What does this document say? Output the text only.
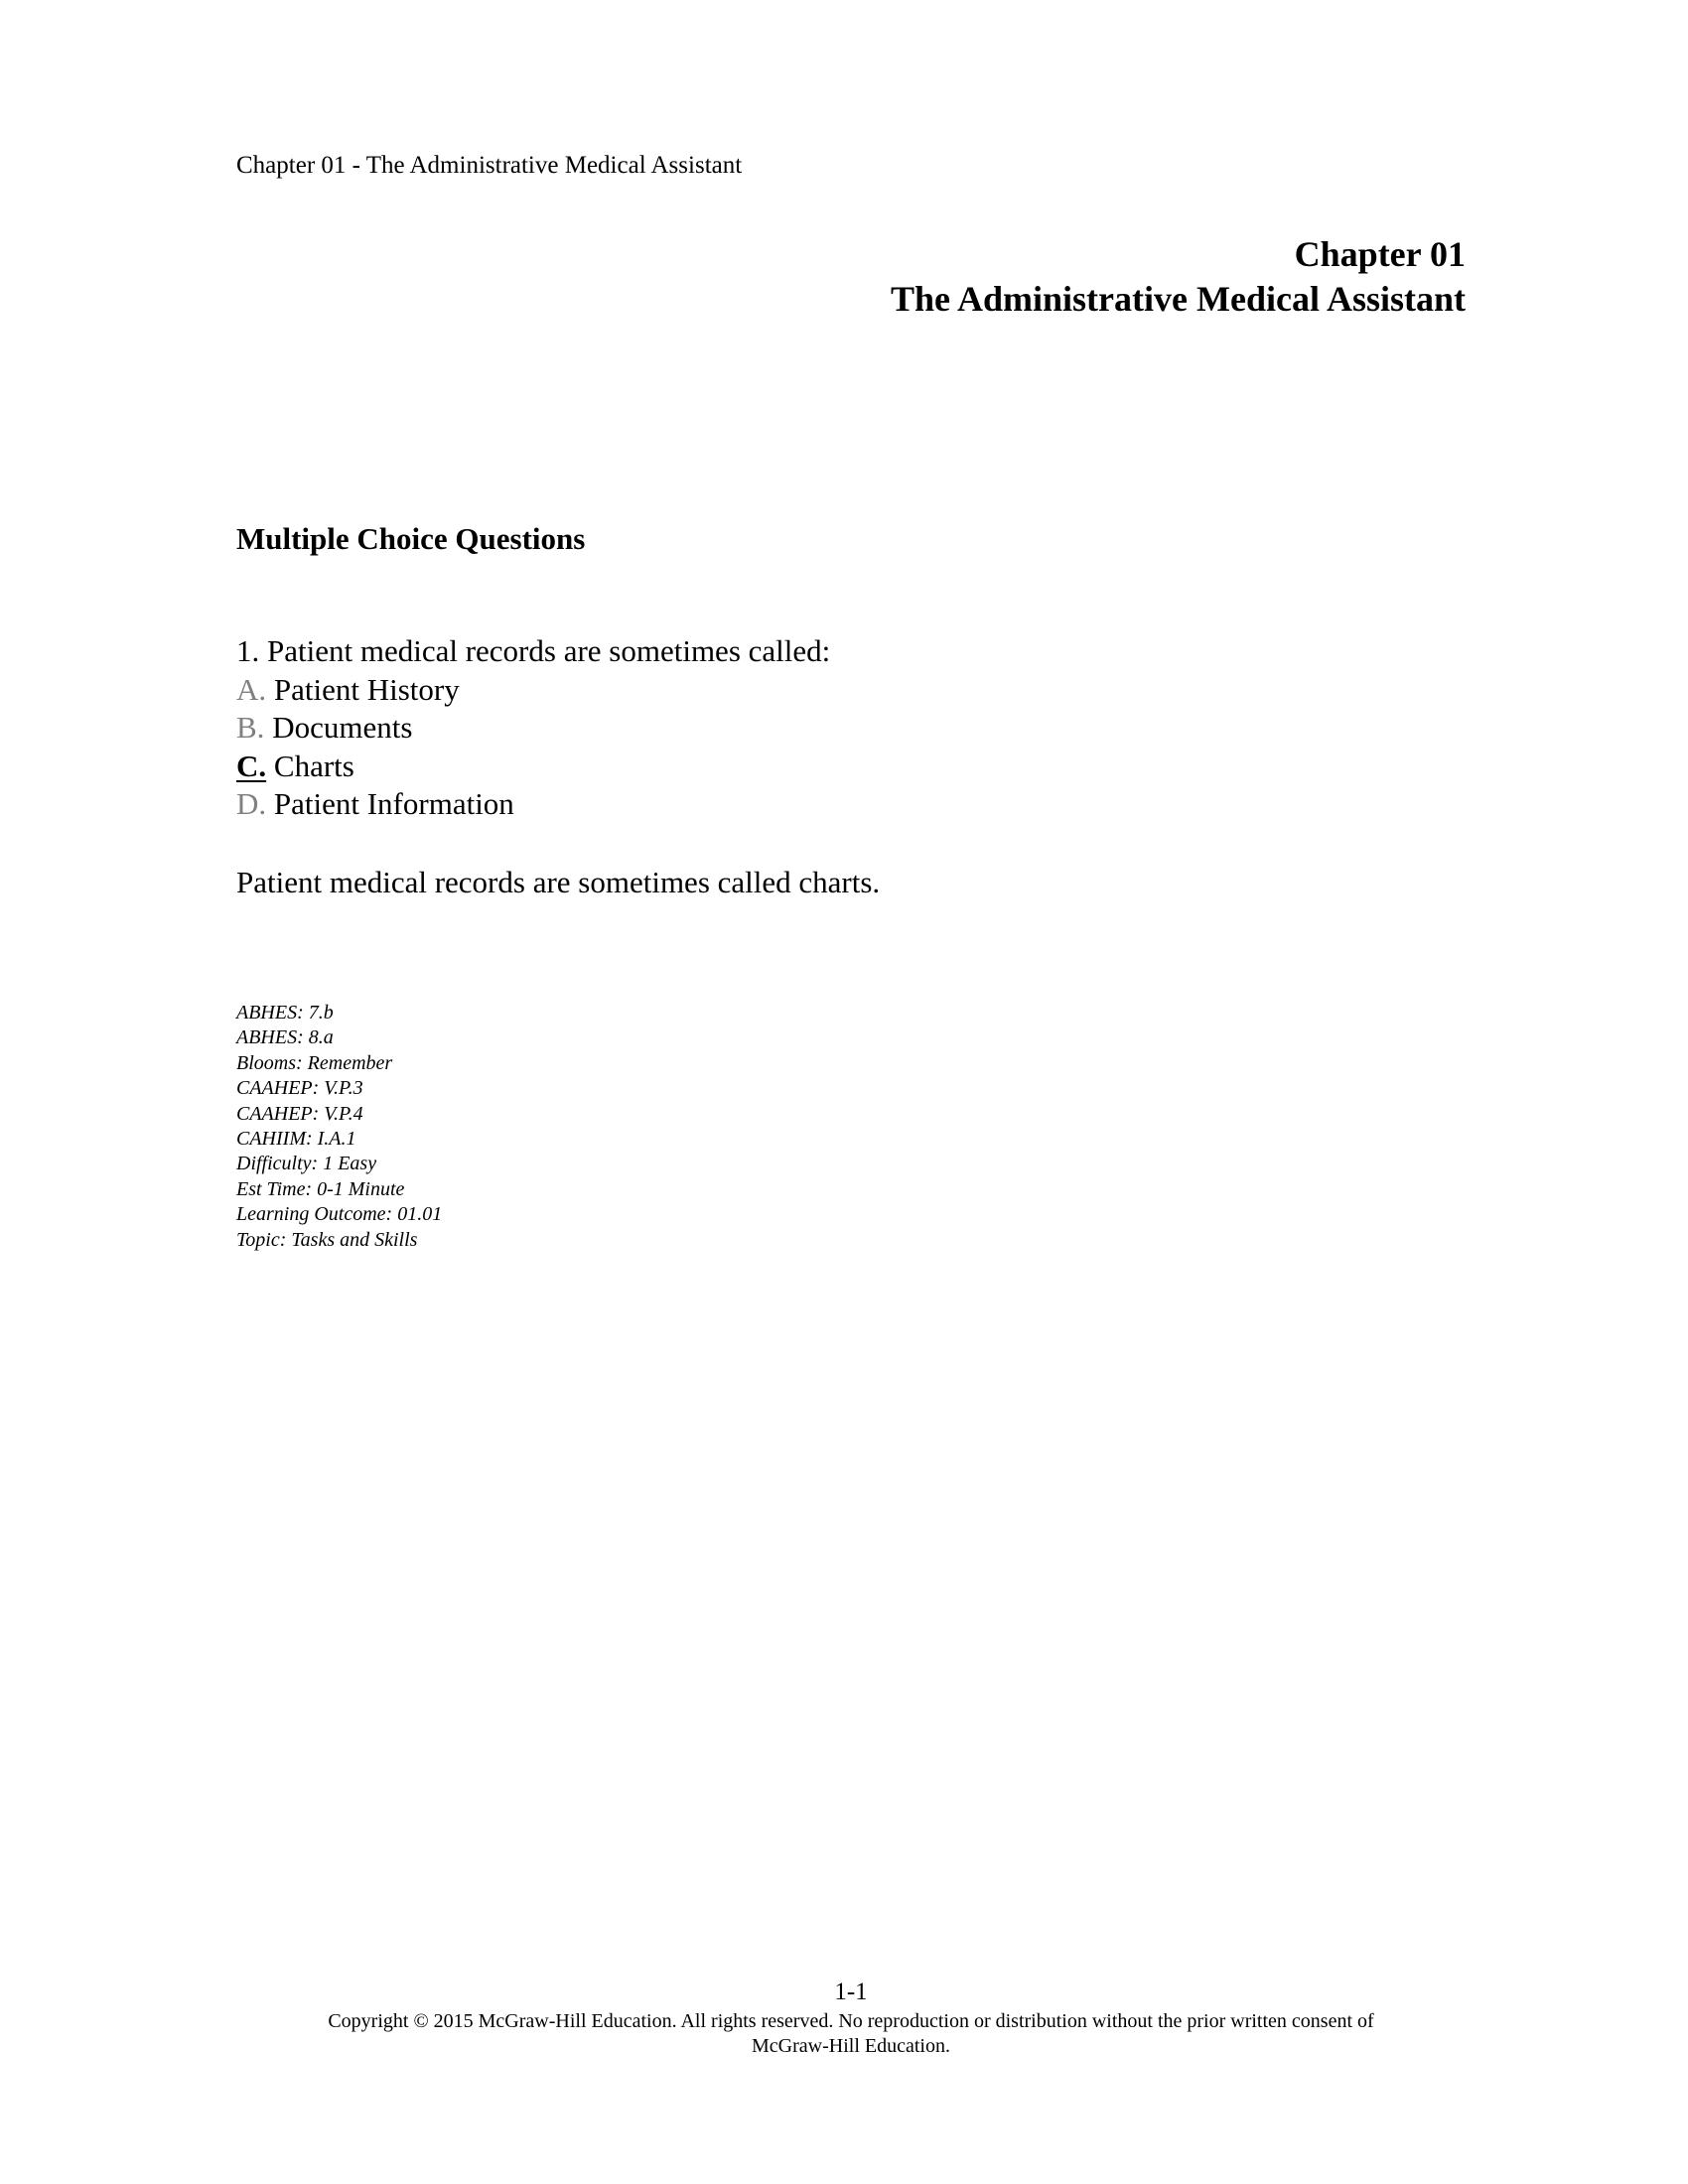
Chapter 01 - The Administrative Medical Assistant
Chapter 01
The Administrative Medical Assistant
Multiple Choice Questions
1. Patient medical records are sometimes called:
A. Patient History
B. Documents
C. Charts
D. Patient Information
Patient medical records are sometimes called charts.
ABHES: 7.b
ABHES: 8.a
Blooms: Remember
CAAHEP: V.P.3
CAAHEP: V.P.4
CAHIIM: I.A.1
Difficulty: 1 Easy
Est Time: 0-1 Minute
Learning Outcome: 01.01
Topic: Tasks and Skills
1-1
Copyright © 2015 McGraw-Hill Education. All rights reserved. No reproduction or distribution without the prior written consent of
McGraw-Hill Education.
